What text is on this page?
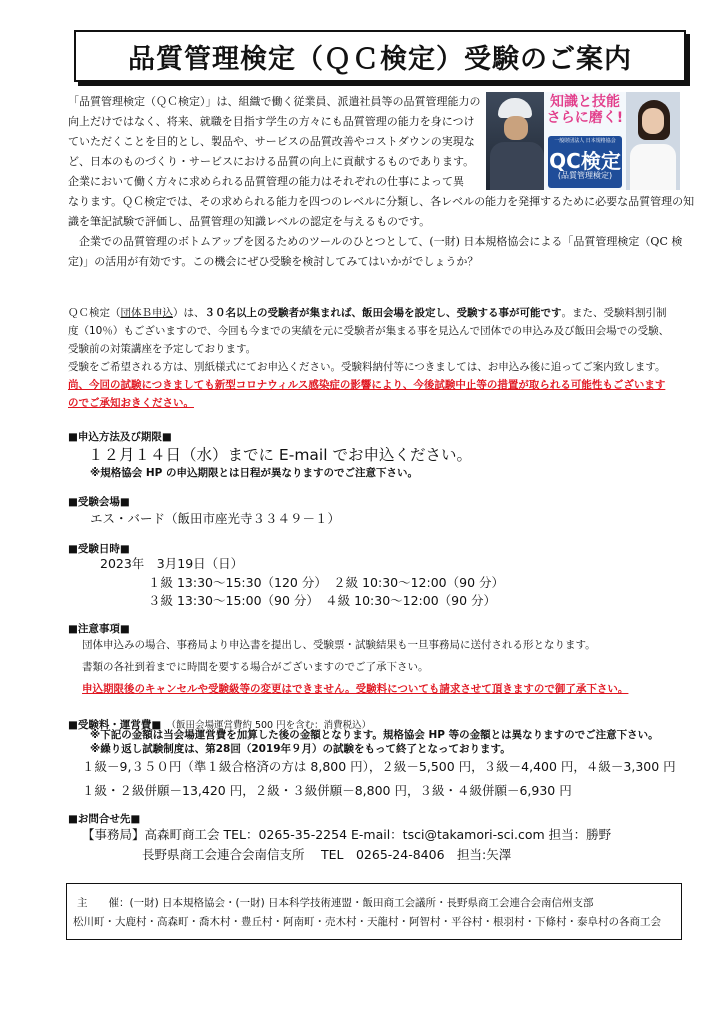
品質管理検定（ＱＣ検定）受験のご案内
「品質管理検定（ＱＣ検定）」は、組織で働く従業員、派遣社員等の品質管理能力の
向上だけではなく、将来、就職を目指す学生の方々にも品質管理の能力を身につけ
ていただくことを目的とし、製品や、サービスの品質改善やコストダウンの実現な
ど、日本のものづくり・サービスにおける品質の向上に貢献するものであります。
企業において働く方々に求められる品質管理の能力はそれぞれの仕事によって異
知識と技能
さらに磨く!
一般財団法人 日本規格協会
QC検定
(品質管理検定)
なります。ＱＣ検定では、その求められる能力を四つのレベルに分類し、各レベルの能力を発揮するために必要な品質管理の知
識を筆記試験で評価し、品質管理の知識レベルの認定を与えるものです。
　企業での品質管理のボトムアップを図るためのツールのひとつとして、(一財) 日本規格協会による「品質管理検定（QC 検
定)」の活用が有効です。この機会にぜひ受験を検討してみてはいかがでしょうか？
ＱＣ検定（団体Ｂ申込）は、３０名以上の受験者が集まれば、飯田会場を設定し、受験する事が可能です。また、受験料割引制
度（10％）もございますので、今回も今までの実績を元に受験者が集まる事を見込んで団体での申込み及び飯田会場での受験、
受験前の対策講座を予定しております。
受験をご希望される方は、別紙様式にてお申込ください。受験料納付等につきましては、お申込み後に追ってご案内致します。
尚、今回の試験につきましても新型コロナウィルス感染症の影響により、今後試験中止等の措置が取られる可能性もございます
のでご承知おきください。
■申込方法及び期限■
１２月１４日（水）までに E-mail でお申込ください。
※規格協会 HP の申込期限とは日程が異なりますのでご注意下さい。
■受験会場■
エス・バード（飯田市座光寺３３４９－１）
■受験日時■
2023年　3月19日（日）
１級 13:30～15:30（120 分）　２級 10:30～12:00（90 分）
３級 13:30～15:00（90 分）　４級 10:30～12:00（90 分）
■注意事項■
団体申込みの場合、事務局より申込書を提出し、受験票・試験結果も一旦事務局に送付される形となります。
書類の各社到着までに時間を要する場合がございますのでご了承下さい。
申込期限後のキャンセルや受験級等の変更はできません。受験料についても請求させて頂きますので御了承下さい。
■受験料・運営費■ （飯田会場運営費約 500 円を含む：消費税込）
※下記の金額は当会場運営費を加算した後の金額となります。規格協会 HP 等の金額とは異なりますのでご注意下さい。
※繰り返し試験制度は、第28回（2019年９月）の試験をもって終了となっております。
１級－9,３５０円（準１級合格済の方は 8,800 円），２級－5,500 円，３級－4,400 円，４級－3,300 円
１級・２級併願－13,420 円，２級・３級併願－8,800 円，３級・４級併願－6,930 円
■お問合せ先■
【事務局】高森町商工会 TEL：0265-35-2254 E-mail：tsci@takamori-sci.com 担当：勝野
長野県商工会連合会南信支所　 TEL　0265-24-8406　担当:矢澤
主　　催：(一財) 日本規格協会・(一財) 日本科学技術連盟・飯田商工会議所・長野県商工会連合会南信州支部
松川町・大鹿村・高森町・喬木村・豊丘村・阿南町・売木村・天龍村・阿智村・平谷村・根羽村・下條村・泰阜村の各商工会
